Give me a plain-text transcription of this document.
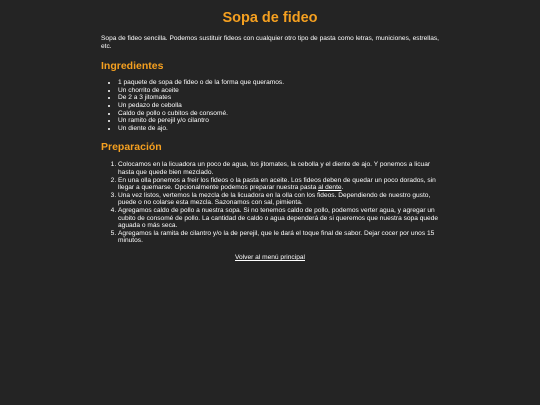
Sopa de fideo

Sopa de fideo sencilla. Podemos sustituir fideos con cualquier otro tipo de pasta como letras, municiones, estrellas, etc.

Ingredientes
• 1 paquete de sopa de fideo o de la forma que queramos.
• Un chorrito de aceite
• De 2 a 3 jitomates
• Un pedazo de cebolla
• Caldo de pollo o cubitos de consomé.
• Un ramito de perejil y/o cilantro
• Un diente de ajo.
Preparación
1. Colocamos en la licuadora un poco de agua, los jitomates, la cebolla y el diente de ajo. Y ponemos a licuar hasta que quede bien mezclado.
2. En una olla ponemos a freir los fideos o la pasta en aceite. Los fideos deben de quedar un poco dorados, sin llegar a quemarse. Opcionalmente podemos preparar nuestra pasta al dente.
3. Una vez listos, vertemos la mezcla de la licuadora en la olla con los fideos. Dependiendo de nuestro gusto, puede o no colarse esta mezcla. Sazonamos con sal, pimienta.
4. Agregamos caldo de pollo a nuestra sopa. Si no tenemos caldo de pollo, podemos verter agua, y agregar un cubito de consomé de pollo. La cantidad de caldo o agua dependerá de si queremos que nuestra sopa quede aguada o más seca.
5. Agregamos la ramita de cilantro y/o la de perejil, que le dará el toque final de sabor. Dejar cocer por unos 15 minutos.
Volver al menú principal
